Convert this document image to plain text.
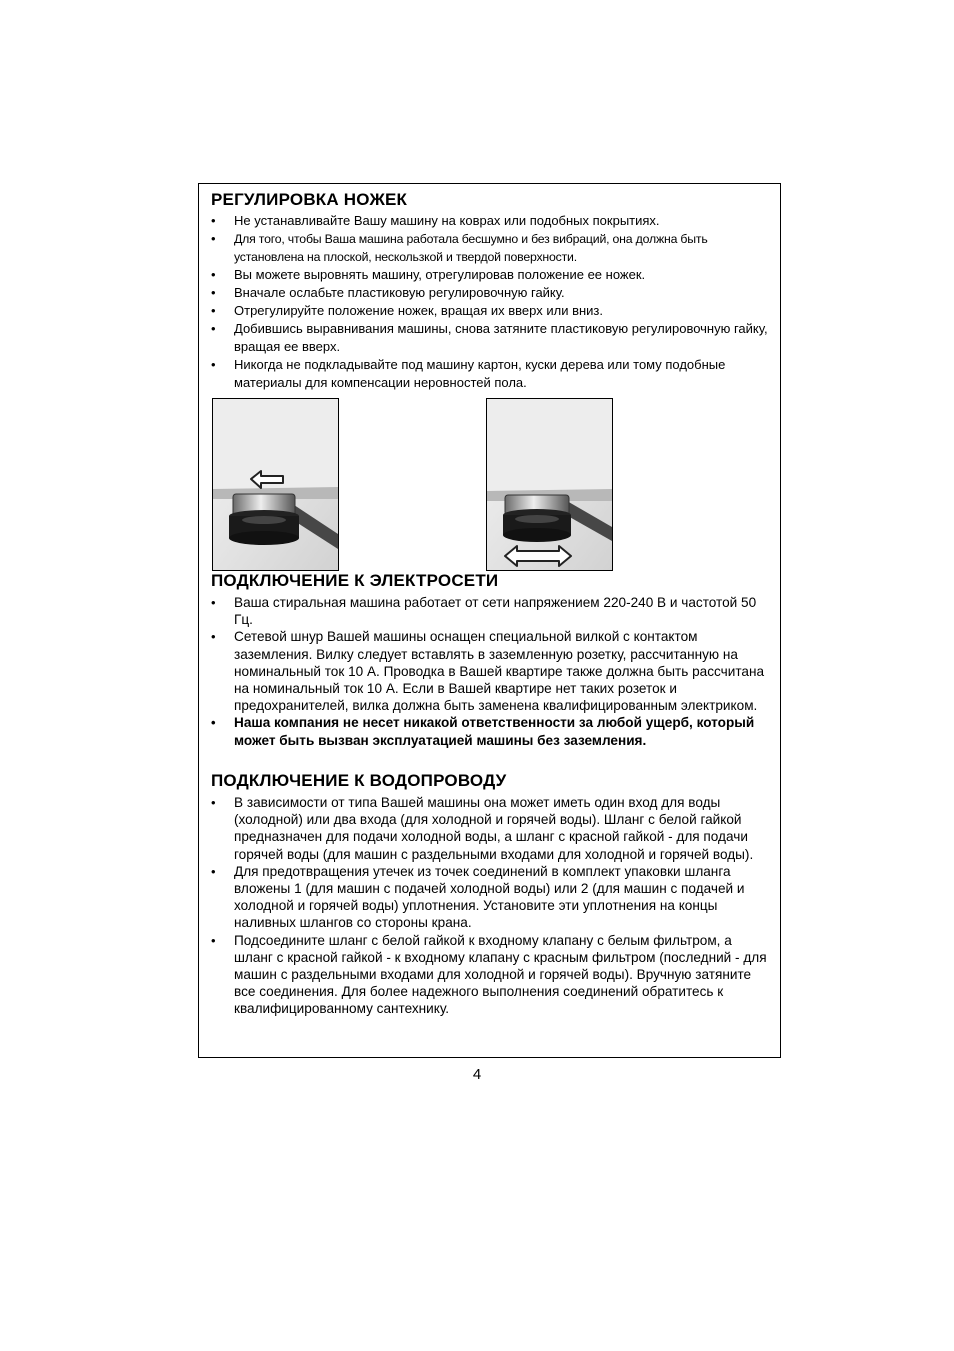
РЕГУЛИРОВКА НОЖЕК
• Не устанавливайте Вашу машину на коврах или подобных покрытиях.
• Для того, чтобы Ваша машина работала бесшумно и без вибраций, она должна быть установлена на плоской, нескользкой и твердой поверхности.
• Вы можете выровнять машину, отрегулировав положение ее ножек.
• Вначале ослабьте пластиковую регулировочную гайку.
• Отрегулируйте положение ножек, вращая их вверх или вниз.
• Добившись выравнивания машины, снова затяните пластиковую регулировочную гайку, вращая ее вверх.
• Никогда не подкладывайте под машину картон, куски дерева или тому подобные материалы для компенсации неровностей пола.
ПОДКЛЮЧЕНИЕ К ЭЛЕКТРОСЕТИ
• Ваша стиральная машина работает от сети напряжением 220-240 В и частотой 50 Гц.
• Сетевой шнур Вашей машины оснащен специальной вилкой с контактом заземления. Вилку следует вставлять в заземленную розетку, рассчитанную на номинальный ток 10 А. Проводка в Вашей квартире также должна быть рассчитана на номинальный ток 10 А. Если в Вашей квартире нет таких розеток и предохранителей, вилка должна быть заменена квалифицированным электриком.
• Наша компания не несет никакой ответственности за любой ущерб, который может быть вызван эксплуатацией машины без заземления.
ПОДКЛЮЧЕНИЕ К ВОДОПРОВОДУ
• В зависимости от типа Вашей машины она может иметь один вход для воды (холодной) или два входа (для холодной и горячей воды). Шланг с белой гайкой предназначен для подачи холодной воды, а шланг с красной гайкой - для подачи горячей воды (для машин с раздельными входами для холодной и горячей воды).
• Для предотвращения утечек из точек соединений в комплект упаковки шланга вложены 1 (для машин с подачей холодной воды) или 2 (для машин с подачей и холодной и горячей воды) уплотнения. Установите эти уплотнения на концы наливных шлангов со стороны крана.
• Подсоедините шланг с белой гайкой к входному клапану с белым фильтром, а шланг с красной гайкой - к входному клапану с красным фильтром (последний - для машин с раздельными входами для холодной и горячей воды). Вручную затяните все соединения. Для более надежного выполнения соединений обратитесь к квалифицированному сантехнику.
4
